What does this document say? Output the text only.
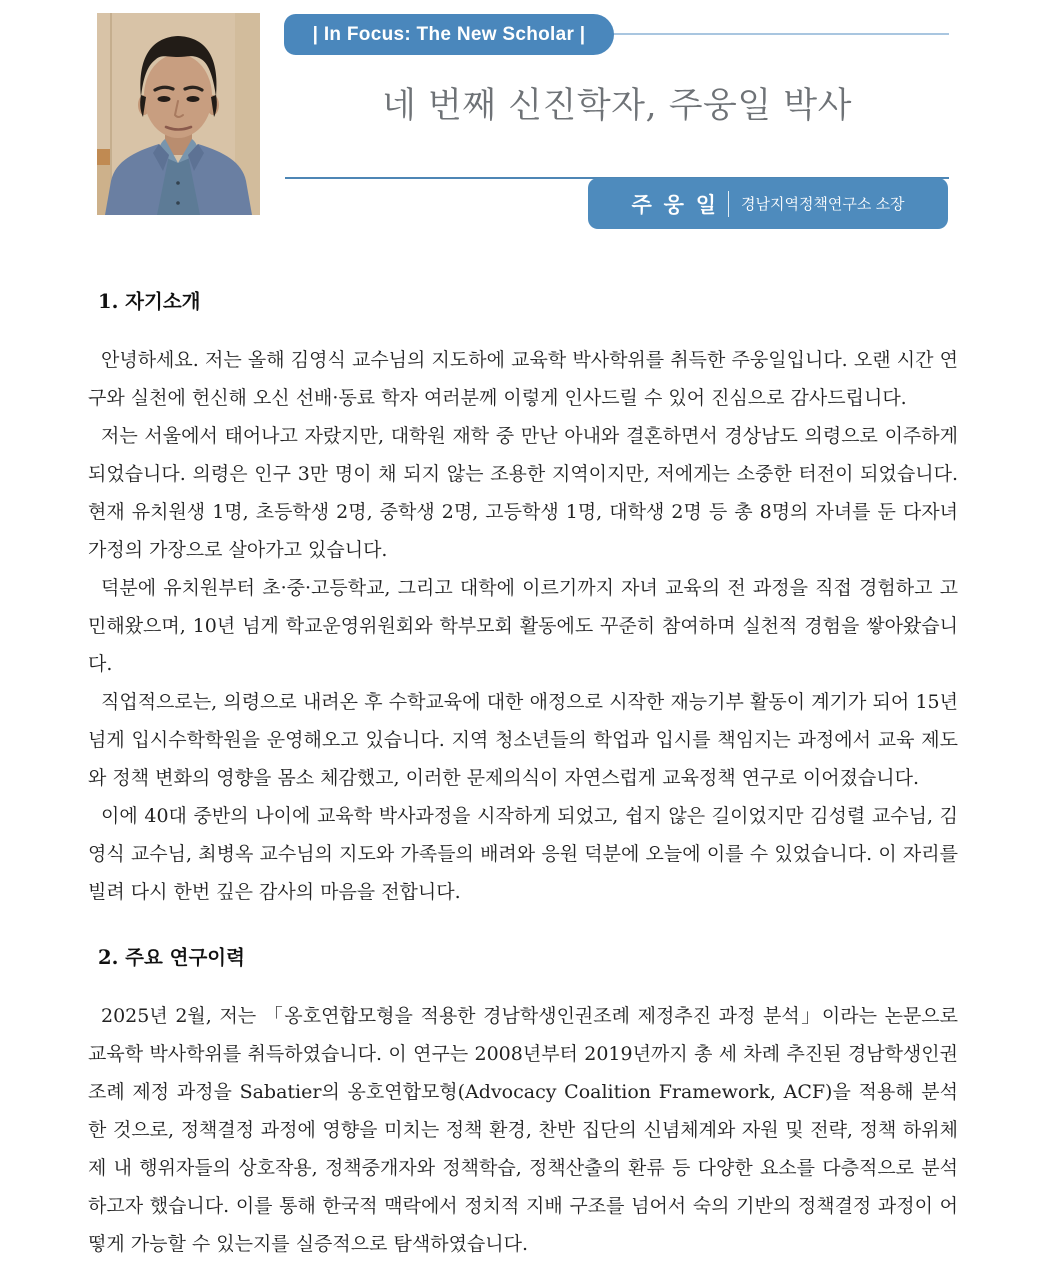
| In Focus: The New Scholar |
네 번째 신진학자, 주웅일 박사
주 웅 일 경남지역정책연구소 소장
1. 자기소개

안녕하세요. 저는 올해 김영식 교수님의 지도하에 교육학 박사학위를 취득한 주웅일입니다. 오랜 시간 연구와 실천에 헌신해 오신 선배·동료 학자 여러분께 이렇게 인사드릴 수 있어 진심으로 감사드립니다.

저는 서울에서 태어나고 자랐지만, 대학원 재학 중 만난 아내와 결혼하면서 경상남도 의령으로 이주하게 되었습니다. 의령은 인구 3만 명이 채 되지 않는 조용한 지역이지만, 저에게는 소중한 터전이 되었습니다. 현재 유치원생 1명, 초등학생 2명, 중학생 2명, 고등학생 1명, 대학생 2명 등 총 8명의 자녀를 둔 다자녀 가정의 가장으로 살아가고 있습니다.

덕분에 유치원부터 초·중·고등학교, 그리고 대학에 이르기까지 자녀 교육의 전 과정을 직접 경험하고 고민해왔으며, 10년 넘게 학교운영위원회와 학부모회 활동에도 꾸준히 참여하며 실천적 경험을 쌓아왔습니다.

직업적으로는, 의령으로 내려온 후 수학교육에 대한 애정으로 시작한 재능기부 활동이 계기가 되어 15년 넘게 입시수학학원을 운영해오고 있습니다. 지역 청소년들의 학업과 입시를 책임지는 과정에서 교육 제도와 정책 변화의 영향을 몸소 체감했고, 이러한 문제의식이 자연스럽게 교육정책 연구로 이어졌습니다.

이에 40대 중반의 나이에 교육학 박사과정을 시작하게 되었고, 쉽지 않은 길이었지만 김성렬 교수님, 김영식 교수님, 최병옥 교수님의 지도와 가족들의 배려와 응원 덕분에 오늘에 이를 수 있었습니다. 이 자리를 빌려 다시 한번 깊은 감사의 마음을 전합니다.

2. 주요 연구이력

2025년 2월, 저는 「옹호연합모형을 적용한 경남학생인권조례 제정추진 과정 분석」이라는 논문으로 교육학 박사학위를 취득하였습니다. 이 연구는 2008년부터 2019년까지 총 세 차례 추진된 경남학생인권조례 제정 과정을 Sabatier의 옹호연합모형(Advocacy Coalition Framework, ACF)을 적용해 분석한 것으로, 정책결정 과정에 영향을 미치는 정책 환경, 찬반 집단의 신념체계와 자원 및 전략, 정책 하위체제 내 행위자들의 상호작용, 정책중개자와 정책학습, 정책산출의 환류 등 다양한 요소를 다층적으로 분석하고자 했습니다. 이를 통해 한국적 맥락에서 정치적 지배 구조를 넘어서 숙의 기반의 정책결정 과정이 어떻게 가능할 수 있는지를 실증적으로 탐색하였습니다.
